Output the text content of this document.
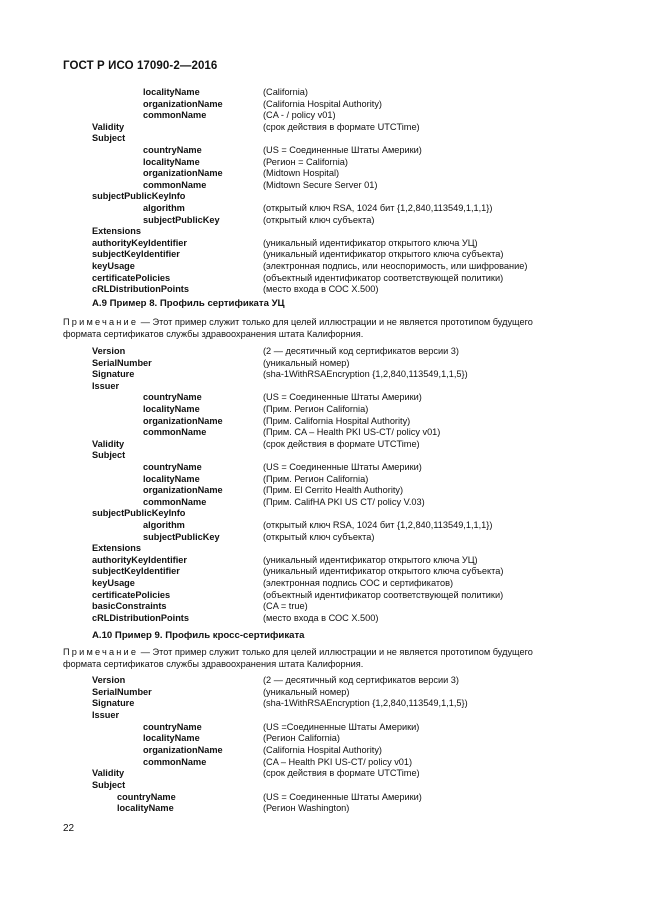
ГОСТ Р ИСО 17090-2—2016
localityName	(California)
organizationName	(California Hospital Authority)
commonName	(CA - / policy v01)
Validity	(срок действия в формате UTCTime)
Subject
countryName	(US = Соединенные Штаты Америки)
localityName	(Регион = California)
organizationName	(Midtown Hospital)
commonName	(Midtown Secure Server 01)
subjectPublicKeyInfo
algorithm	(открытый ключ RSA, 1024 бит {1,2,840,113549,1,1,1})
subjectPublicKey	(открытый ключ субъекта)
Extensions
authorityKeyIdentifier	(уникальный идентификатор открытого ключа УЦ)
subjectKeyIdentifier	(уникальный идентификатор открытого ключа субъекта)
keyUsage	(электронная подпись, или неоспоримость, или шифрование)
certificatePolicies	(объектный идентификатор соответствующей политики)
cRLDistributionPoints	(место входа в СОС X.500)
А.9 Пример 8. Профиль сертификата УЦ
Примечание — Этот пример служит только для целей иллюстрации и не является прототипом будущего
формата сертификатов службы здравоохранения штата Калифорния.
Version	(2 — десятичный код сертификатов версии 3)
SerialNumber	(уникальный номер)
Signature	(sha-1WithRSAEncryption {1,2,840,113549,1,1,5})
Issuer
countryName	(US = Соединенные Штаты Америки)
localityName	(Прим. Регион California)
organizationName	(Прим. California Hospital Authority)
commonName	(Прим. CA – Health PKI US-CT/ policy v01)
Validity	(срок действия в формате UTCTime)
Subject
countryName	(US = Соединенные Штаты Америки)
localityName	(Прим. Регион California)
organizationName	(Прим. El Cerrito Health Authority)
commonName	(Прим. CalifHA PKI US CT/ policy V.03)
subjectPublicKeyInfo
algorithm	(открытый ключ RSA, 1024 бит {1,2,840,113549,1,1,1})
subjectPublicKey	(открытый ключ субъекта)
Extensions
authorityKeyIdentifier	(уникальный идентификатор открытого ключа УЦ)
subjectKeyIdentifier	(уникальный идентификатор открытого ключа субъекта)
keyUsage	(электронная подпись СОС и сертификатов)
certificatePolicies	(объектный идентификатор соответствующей политики)
basicConstraints	(CA = true)
cRLDistributionPoints	(место входа в СОС X.500)
А.10 Пример 9. Профиль кросс-сертификата
Примечание — Этот пример служит только для целей иллюстрации и не является прототипом будущего
формата сертификатов службы здравоохранения штата Калифорния.
Version	(2 — десятичный код сертификатов версии 3)
SerialNumber	(уникальный номер)
Signature	(sha-1WithRSAEncryption {1,2,840,113549,1,1,5})
Issuer
countryName	(US =Соединенные Штаты Америки)
localityName	(Регион California)
organizationName	(California Hospital Authority)
commonName	(CA – Health PKI US-CT/ policy v01)
Validity	(срок действия в формате UTCTime)
Subject
countryName	(US = Соединенные Штаты Америки)
localityName	(Регион Washington)
22
